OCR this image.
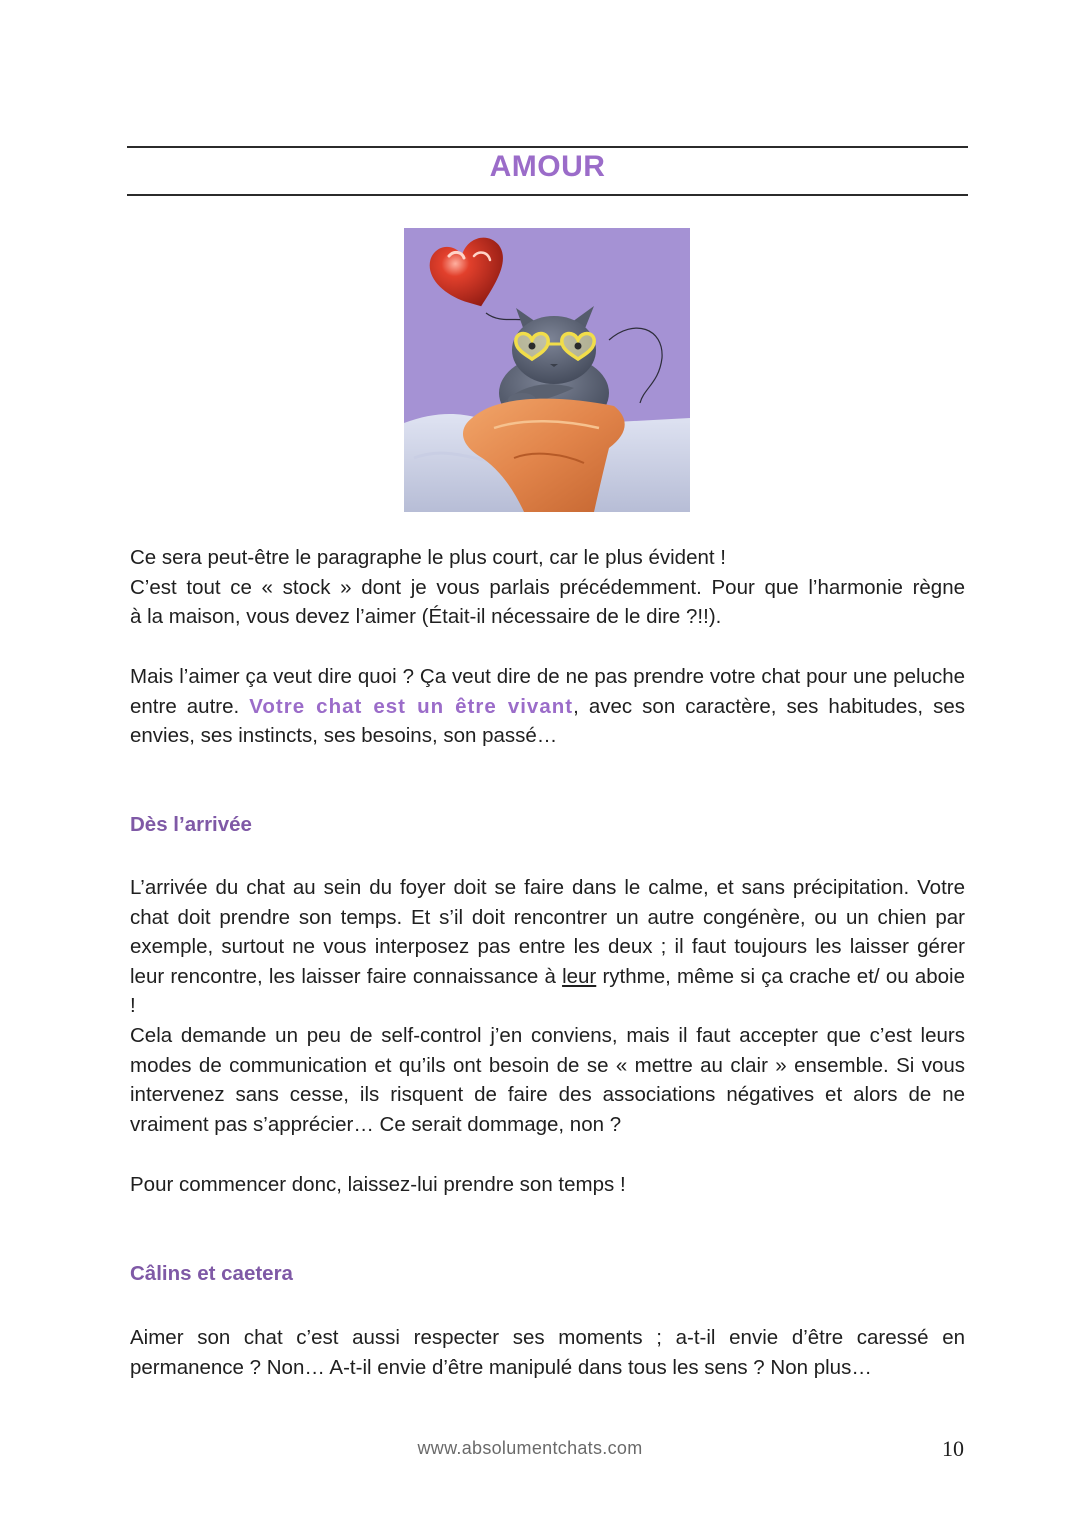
AMOUR

Ce sera peut-être le paragraphe le plus court, car le plus évident !

C’est tout ce « stock » dont je vous parlais précédemment. Pour que l’harmonie règne

à la maison, vous devez l’aimer (Était-il nécessaire de le dire ?!!).

Mais l’aimer ça veut dire quoi ? Ça veut dire de ne pas prendre votre chat pour une peluche entre autre. Votre chat est un être vivant, avec son caractère, ses habitudes, ses envies, ses instincts, ses besoins, son passé…

Dès l’arrivée

L’arrivée du chat au sein du foyer doit se faire dans le calme, et sans précipitation. Votre chat doit prendre son temps. Et s’il doit rencontrer un autre congénère, ou un chien par exemple, surtout ne vous interposez pas entre les deux ; il faut toujours les laisser gérer leur rencontre, les laisser faire connaissance à leur rythme, même si ça crache et/ ou aboie !

Cela demande un peu de self-control j’en conviens, mais il faut accepter que c’est leurs modes de communication et qu’ils ont besoin de se « mettre au clair » ensemble. Si vous intervenez sans cesse, ils risquent de faire des associations négatives et alors de ne vraiment pas s’apprécier… Ce serait dommage, non ?

Pour commencer donc, laissez-lui prendre son temps !

Câlins et caetera

Aimer son chat c’est aussi respecter ses moments ; a-t-il envie d’être caressé en permanence ? Non… A-t-il envie d’être manipulé dans tous les sens ? Non plus…

www.absolumentchats.com	10
